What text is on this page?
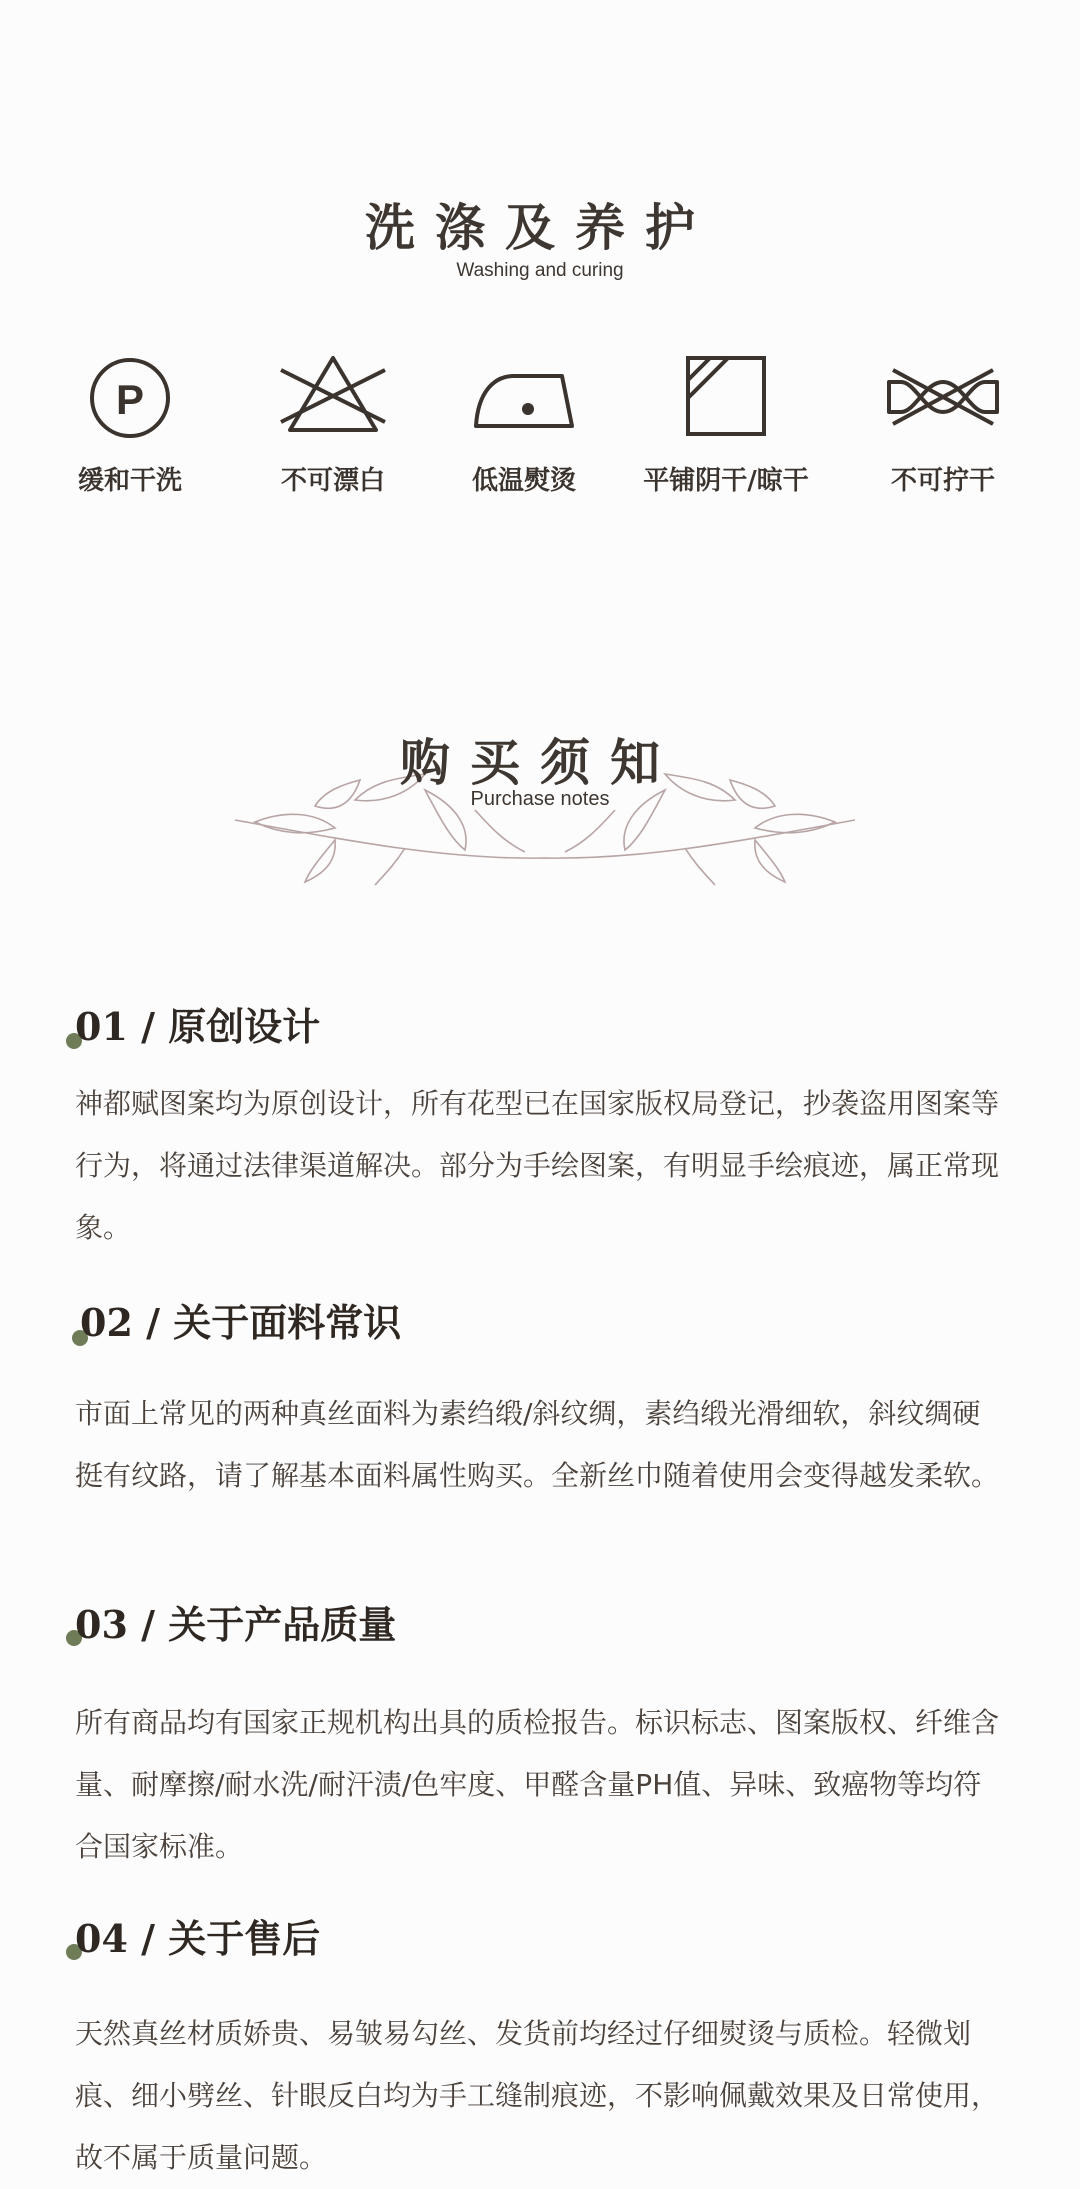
洗涤及养护
Washing and curing
P
缓和干洗	不可漂白	低温熨烫	平铺阴干/晾干	不可拧干
购买须知
Purchase notes
01 / 原创设计
神都赋图案均为原创设计，所有花型已在国家版权局登记，抄袭盗用图案等行为，将通过法律渠道解决。部分为手绘图案，有明显手绘痕迹，属正常现象。
02 / 关于面料常识
市面上常见的两种真丝面料为素绉缎/斜纹绸，素绉缎光滑细软，斜纹绸硬挺有纹路，请了解基本面料属性购买。全新丝巾随着使用会变得越发柔软。
03 / 关于产品质量
所有商品均有国家正规机构出具的质检报告。标识标志、图案版权、纤维含量、耐摩擦/耐水洗/耐汗渍/色牢度、甲醛含量PH值、异味、致癌物等均符合国家标准。
04 / 关于售后
天然真丝材质娇贵、易皱易勾丝、发货前均经过仔细熨烫与质检。轻微划痕、细小劈丝、针眼反白均为手工缝制痕迹，不影响佩戴效果及日常使用，故不属于质量问题。
